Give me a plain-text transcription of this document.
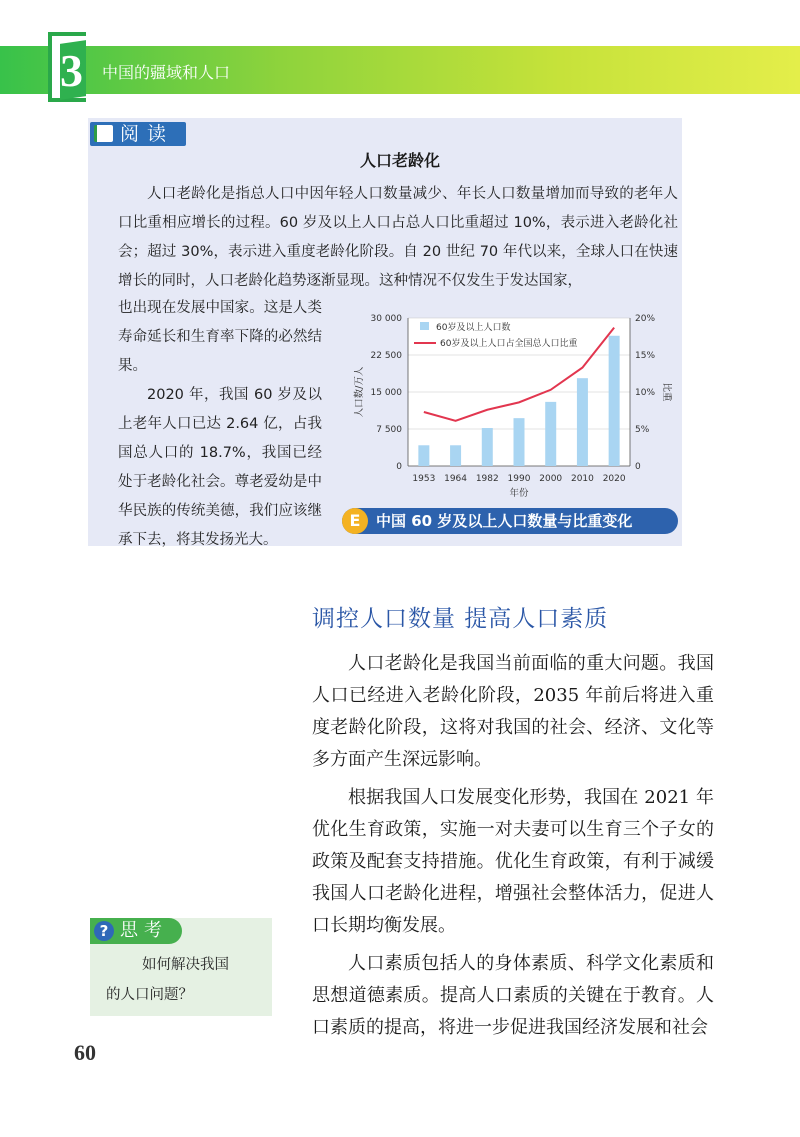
3 中国的疆域和人口
阅读
人口老龄化

人口老龄化是指总人口中因年轻人口数量减少、年长人口数量增加而导致的老年人口比重相应增长的过程。60 岁及以上人口占总人口比重超过 10%，表示进入老龄化社会；超过 30%，表示进入重度老龄化阶段。自 20 世纪 70 年代以来，全球人口在快速增长的同时，人口老龄化趋势逐渐显现。这种情况不仅发生于发达国家，

也出现在发展中国家。这是人类寿命延长和生育率下降的必然结果。

2020 年，我国 60 岁及以上老年人口已达 2.64 亿，占我国总人口的 18.7%，我国已经处于老龄化社会。尊老爱幼是中华民族的传统美德，我们应该继承下去，将其发扬光大。

0
7 500
15 000
22 500
30 000
0
5%
10%
15%
20%
1953 1964 1982 1990 2000 2010 2020
年份
人口数/万人	比重
60岁及以上人口数
60岁及以上人口占全国总人口比重
E	中国 60 岁及以上人口数量与比重变化
调控人口数量 提高人口素质

人口老龄化是我国当前面临的重大问题。我国人口已经进入老龄化阶段，2035 年前后将进入重度老龄化阶段，这将对我国的社会、经济、文化等多方面产生深远影响。

根据我国人口发展变化形势，我国在 2021 年优化生育政策，实施一对夫妻可以生育三个子女的政策及配套支持措施。优化生育政策，有利于减缓我国人口老龄化进程，增强社会整体活力，促进人口长期均衡发展。

人口素质包括人的身体素质、科学文化素质和思想道德素质。提高人口素质的关键在于教育。人口素质的提高，将进一步促进我国经济发展和社会

? 思考
如何解决我国
的人口问题？
60
